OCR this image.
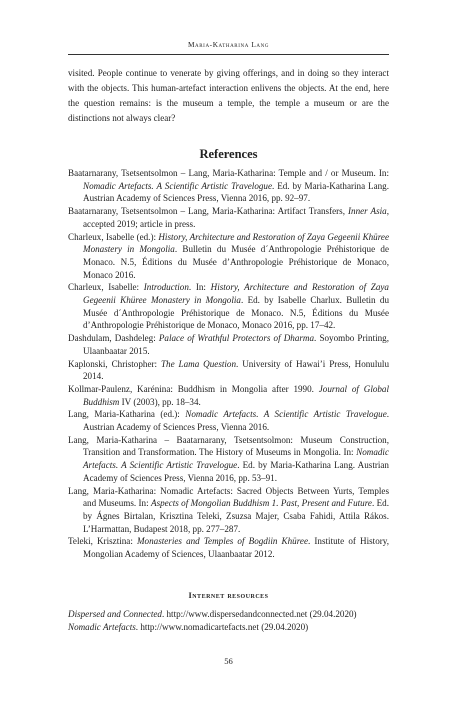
Maria-Katharina Lang

visited. People continue to venerate by giving offerings, and in doing so they interact with the objects. This human-artefact interaction enlivens the objects. At the end, here the question remains: is the museum a temple, the temple a museum or are the distinctions not always clear?

References

Baatarnarany, Tsetsentsolmon – Lang, Maria-Katharina: Temple and / or Museum. In: Nomadic Artefacts. A Scientific Artistic Travelogue. Ed. by Maria-Katharina Lang. Austrian Academy of Sciences Press, Vienna 2016, pp. 92–97.

Baatarnarany, Tsetsentsolmon – Lang, Maria-Katharina: Artifact Transfers, Inner Asia, accepted 2019; article in press.

Charleux, Isabelle (ed.): History, Architecture and Restoration of Zaya Gegeenii Khüree Monastery in Mongolia. Bulletin du Musée d´Anthropologie Préhistorique de Monaco. N.5, Éditions du Musée d’Anthropologie Préhistorique de Monaco, Monaco 2016.

Charleux, Isabelle: Introduction. In: History, Architecture and Restoration of Zaya Gegeenii Khüree Monastery in Mongolia. Ed. by Isabelle Charlux. Bulletin du Musée d´Anthropologie Préhistorique de Monaco. N.5, Éditions du Musée d’Anthropologie Préhistorique de Monaco, Monaco 2016, pp. 17–42.

Dashdulam, Dashdeleg: Palace of Wrathful Protectors of Dharma. Soyombo Printing, Ulaanbaatar 2015.

Kaplonski, Christopher: The Lama Question. University of Hawai’i Press, Honululu 2014.

Kollmar-Paulenz, Karénina: Buddhism in Mongolia after 1990. Journal of Global Buddhism IV (2003), pp. 18–34.

Lang, Maria-Katharina (ed.): Nomadic Artefacts. A Scientific Artistic Travelogue. Austrian Academy of Sciences Press, Vienna 2016.

Lang, Maria-Katharina – Baatarnarany, Tsetsentsolmon: Museum Construction, Transition and Transformation. The History of Museums in Mongolia. In: Nomadic Artefacts. A Scientific Artistic Travelogue. Ed. by Maria-Katharina Lang. Austrian Academy of Sciences Press, Vienna 2016, pp. 53–91.

Lang, Maria-Katharina: Nomadic Artefacts: Sacred Objects Between Yurts, Temples and Museums. In: Aspects of Mongolian Buddhism 1. Past, Present and Future. Ed. by Ágnes Birtalan, Krisztina Teleki, Zsuzsa Majer, Csaba Fahidi, Attila Rákos. L’Harmattan, Budapest 2018, pp. 277–287.

Teleki, Krisztina: Monasteries and Temples of Bogdiin Khüree. Institute of History, Mongolian Academy of Sciences, Ulaanbaatar 2012.

Internet resources
Dispersed and Connected. http://www.dispersedandconnected.net (29.04.2020)
Nomadic Artefacts. http://www.nomadicartefacts.net (29.04.2020)
56
